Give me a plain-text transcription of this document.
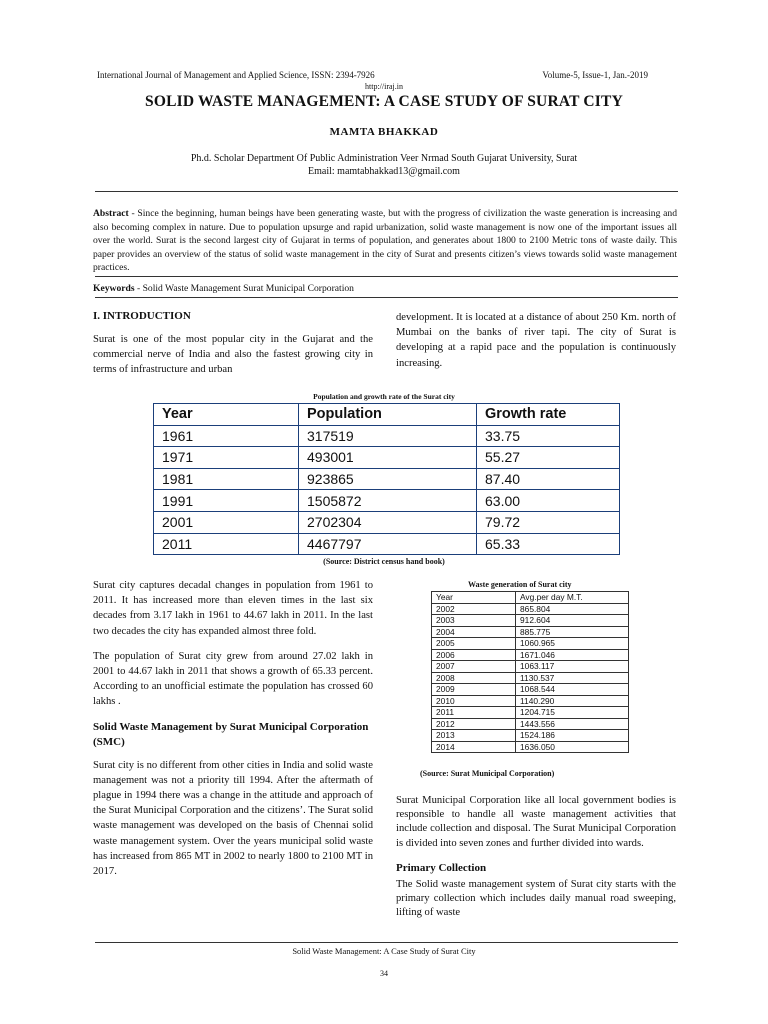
International Journal of Management and Applied Science, ISSN: 2394-7926	Volume-5, Issue-1, Jan.-2019
http://iraj.in
SOLID WASTE MANAGEMENT: A CASE STUDY OF SURAT CITY
MAMTA BHAKKAD
Ph.d. Scholar Department Of Public Administration Veer Nrmad South Gujarat University, Surat
Email: mamtabhakkad13@gmail.com
Abstract - Since the beginning, human beings have been generating waste, but with the progress of civilization the waste generation is increasing and also becoming complex in nature. Due to population upsurge and rapid urbanization, solid waste management is now one of the important issues all over the world. Surat is the second largest city of Gujarat in terms of population, and generates about 1800 to 2100 Metric tons of waste daily. This paper provides an overview of the status of solid waste management in the city of Surat and presents citizen’s views towards solid waste management practices.
Keywords - Solid Waste Management Surat Municipal Corporation
I. INTRODUCTION

Surat is one of the most popular city in the Gujarat and the commercial nerve of India and also the fastest growing city in terms of infrastructure and urban

development. It is located at a distance of about 250 Km. north of Mumbai on the banks of river tapi. The city of Surat is developing at a rapid pace and the population is continuously increasing.

Population and growth rate of the Surat city
Year	Population	Growth rate
1961	317519	33.75
1971	493001	55.27
1981	923865	87.40
1991	1505872	63.00
2001	2702304	79.72
2011	4467797	65.33
(Source: District census hand book)

Surat city captures decadal changes in population from 1961 to 2011. It has increased more than eleven times in the last six decades from 3.17 lakh in 1961 to 44.67 lakh in 2011. In the last two decades the city has expanded almost three fold.

The population of Surat city grew from around 27.02 lakh in 2001 to 44.67 lakh in 2011 that shows a growth of 65.33 percent. According to an unofficial estimate the population has crossed 60 lakhs .

Solid Waste Management by Surat Municipal Corporation (SMC)

Surat city is no different from other cities in India and solid waste management was not a priority till 1994. After the aftermath of plague in 1994 there was a change in the attitude and approach of the Surat Municipal Corporation and the citizens’. The Surat solid waste management was developed on the basis of Chennai solid waste management system. Over the years municipal solid waste has increased from 865 MT in 2002 to nearly 1800 to 2100 MT in 2017.

Waste generation of Surat city
Year	Avg.per day M.T.
2002	865.804
2003	912.604
2004	885.775
2005	1060.965
2006	1671.046
2007	1063.117
2008	1130.537
2009	1068.544
2010	1140.290
2011	1204.715
2012	1443.556
2013	1524.186
2014	1636.050
(Source: Surat Municipal Corporation)

Surat Municipal Corporation like all local government bodies is responsible to handle all waste management activities that include collection and disposal. The Surat Municipal Corporation is divided into seven zones and further divided into wards.

Primary Collection

The Solid waste management system of Surat city starts with the primary collection which includes daily manual road sweeping, lifting of waste

Solid Waste Management: A Case Study of Surat City
34
